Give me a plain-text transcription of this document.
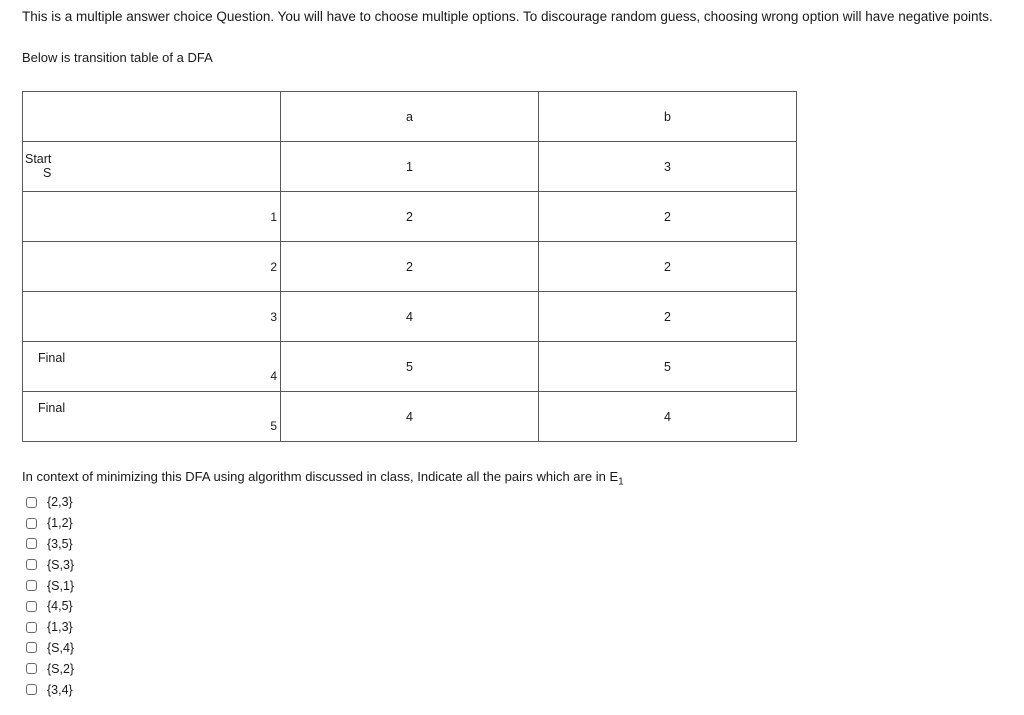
This is a multiple answer choice Question. You will have to choose multiple options. To discourage random guess, choosing wrong option will have negative points.
Below is transition table of a DFA
	a	b

Start
S	1	3

1	2	2

2	2	2

3	4	2

Final
4	5	5

Final
5	4	4
In context of minimizing this DFA using algorithm discussed in class, Indicate all the pairs which are in $E_1$
{2,3}
{1,2}
{3,5}
{S,3}
{S,1}
{4,5}
{1,3}
{S,4}
{S,2}
{3,4}
